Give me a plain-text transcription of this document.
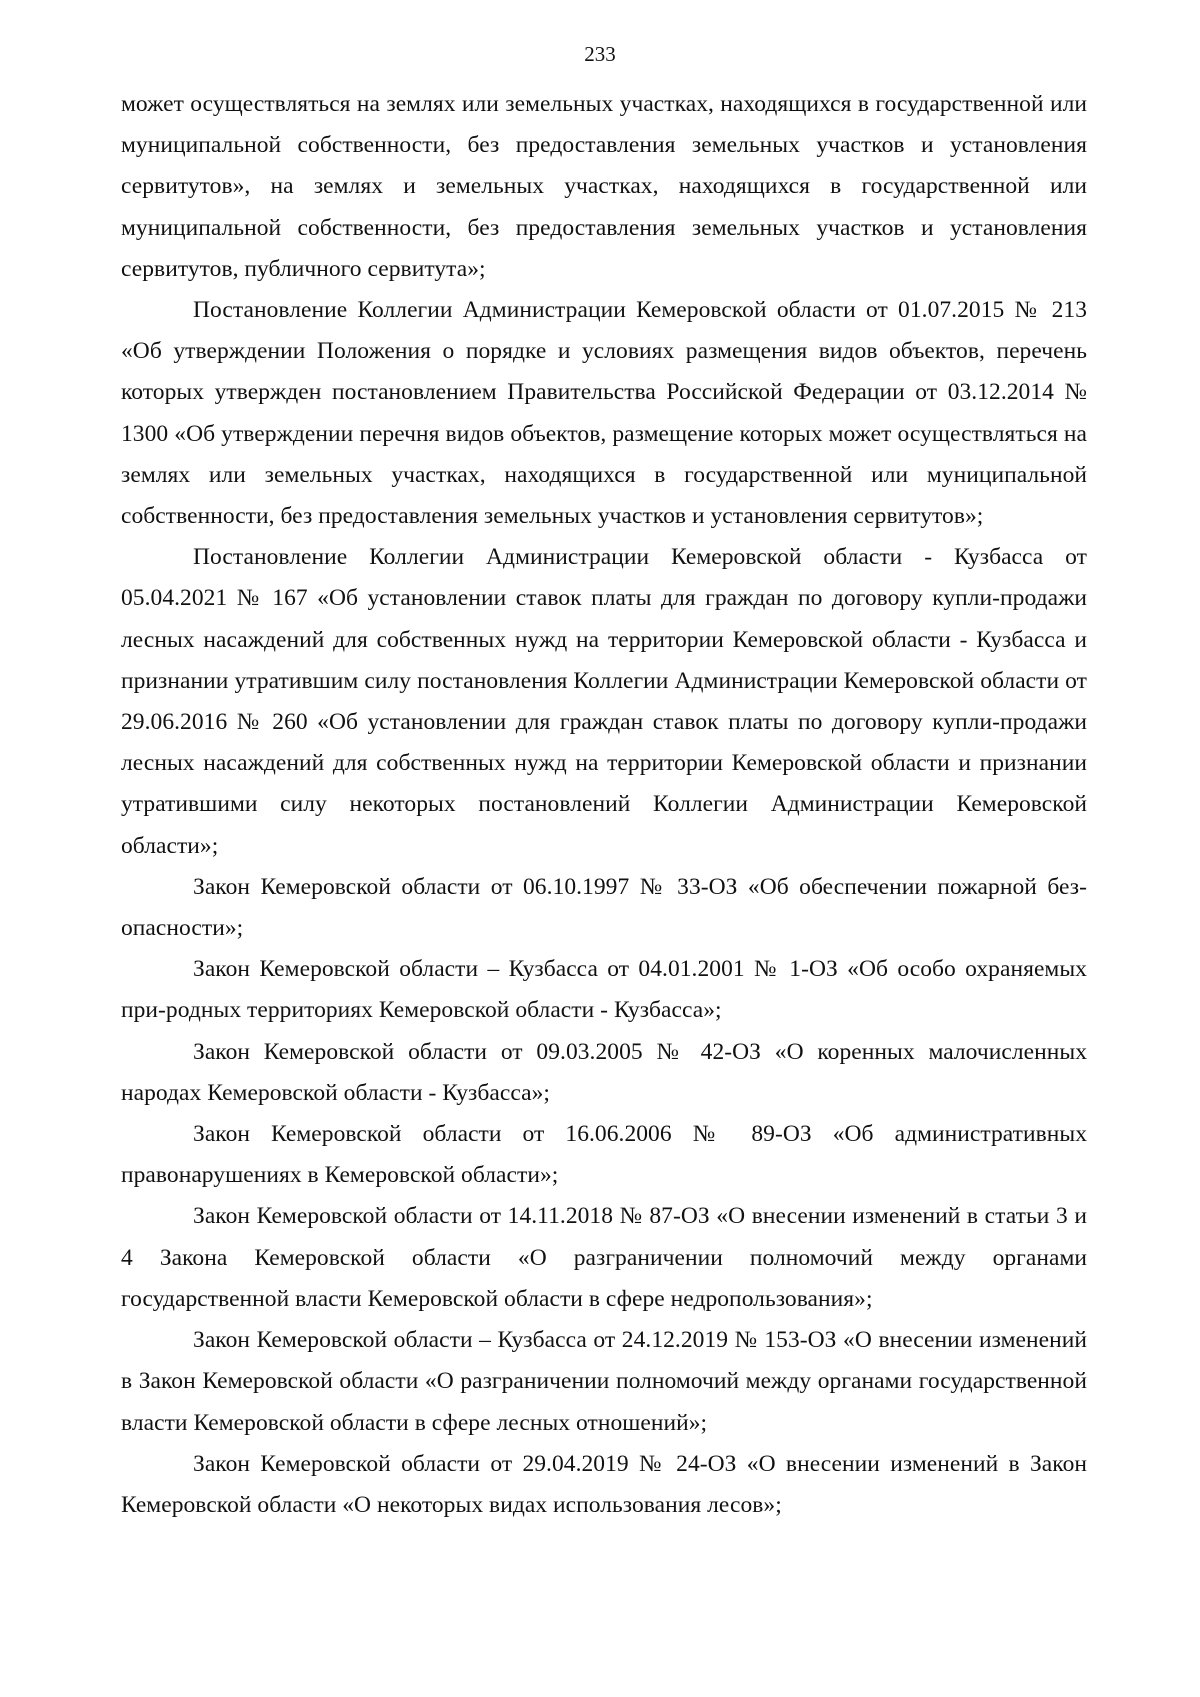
233

может осуществляться на землях или земельных участках, находящихся в государственной или муниципальной собственности, без предоставления земельных участков и установления сервитутов», на землях и земельных участках, находящихся в государственной или муниципальной собственности, без предоставления земельных участков и установления сервитутов, публичного сервитута»;

Постановление Коллегии Администрации Кемеровской области от 01.07.2015 № 213 «Об утверждении Положения о порядке и условиях размещения видов объектов, перечень которых утвержден постановлением Правительства Российской Федерации от 03.12.2014 № 1300 «Об утверждении перечня видов объектов, размещение которых может осуществляться на землях или земельных участках, находящихся в государственной или муниципальной собственности, без предоставления земельных участков и установления сервитутов»;

Постановление Коллегии Администрации Кемеровской области - Кузбасса от 05.04.2021 № 167 «Об установлении ставок платы для граждан по договору купли-продажи лесных насаждений для собственных нужд на территории Кемеровской области - Кузбасса и признании утратившим силу постановления Коллегии Администрации Кемеровской области от 29.06.2016 № 260 «Об установлении для граждан ставок платы по договору купли-продажи лесных насаждений для собственных нужд на территории Кемеровской области и признании утратившими силу некоторых постановлений Коллегии Администрации Кемеровской области»;

Закон Кемеровской области от 06.10.1997 № 33-ОЗ «Об обеспечении пожарной без-опасности»;

Закон Кемеровской области – Кузбасса от 04.01.2001 № 1-ОЗ «Об особо охраняемых при-родных территориях Кемеровской области - Кузбасса»;

Закон Кемеровской области от 09.03.2005 № 42-ОЗ «О коренных малочисленных народах Кемеровской области - Кузбасса»;

Закон Кемеровской области от 16.06.2006 № 89-ОЗ «Об административных правонарушениях в Кемеровской области»;

Закон Кемеровской области от 14.11.2018 № 87-ОЗ «О внесении изменений в статьи 3 и 4 Закона Кемеровской области «О разграничении полномочий между органами государственной власти Кемеровской области в сфере недропользования»;

Закон Кемеровской области – Кузбасса от 24.12.2019 № 153-ОЗ «О внесении изменений в Закон Кемеровской области «О разграничении полномочий между органами государственной власти Кемеровской области в сфере лесных отношений»;

Закон Кемеровской области от 29.04.2019 № 24-ОЗ «О внесении изменений в Закон Кемеровской области «О некоторых видах использования лесов»;
